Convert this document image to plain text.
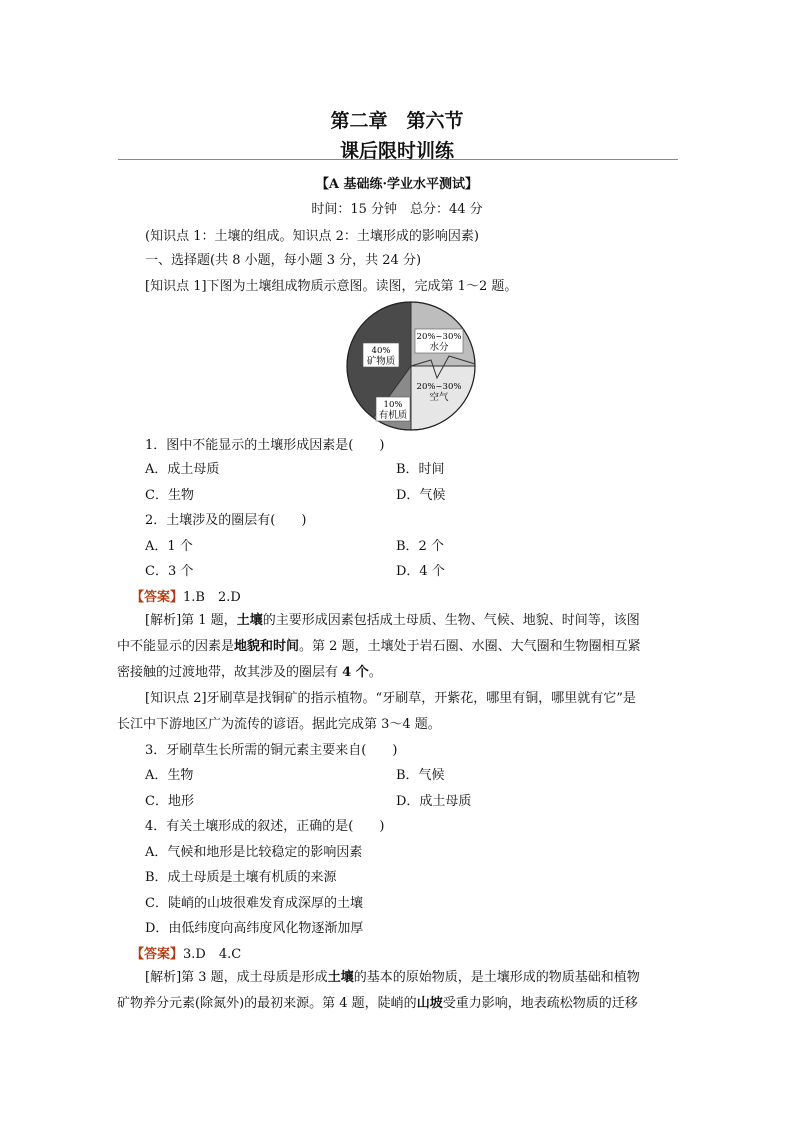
第二章　第六节
课后限时训练
【A 基础练·学业水平测试】
时间：15 分钟　总分：44 分
(知识点 1：土壤的组成。知识点 2：土壤形成的影响因素)
一、选择题(共 8 小题，每小题 3 分，共 24 分)
[知识点 1]下图为土壤组成物质示意图。读图，完成第 1～2 题。
40%
矿物质
20%~30%
水分
20%~30%
空气
10%
有机质
1．图中不能显示的土壤形成因素是(　　)
A．成土母质	B．时间
C．生物	D．气候
2．土壤涉及的圈层有(　　)
A．1 个	B．2 个
C．3 个	D．4 个
【答案】1.B　2.D
[解析]第 1 题，土壤的主要形成因素包括成土母质、生物、气候、地貌、时间等，该图
中不能显示的因素是地貌和时间。第 2 题，土壤处于岩石圈、水圈、大气圈和生物圈相互紧
密接触的过渡地带，故其涉及的圈层有 4 个。
[知识点 2]牙刷草是找铜矿的指示植物。“牙刷草，开紫花，哪里有铜，哪里就有它”是
长江中下游地区广为流传的谚语。据此完成第 3～4 题。
3．牙刷草生长所需的铜元素主要来自(　　)
A．生物	B．气候
C．地形	D．成土母质
4．有关土壤形成的叙述，正确的是(　　)
A．气候和地形是比较稳定的影响因素
B．成土母质是土壤有机质的来源
C．陡峭的山坡很难发育成深厚的土壤
D．由低纬度向高纬度风化物逐渐加厚
【答案】3.D　4.C
[解析]第 3 题，成土母质是形成土壤的基本的原始物质，是土壤形成的物质基础和植物
矿物养分元素(除氮外)的最初来源。第 4 题，陡峭的山坡受重力影响，地表疏松物质的迁移
